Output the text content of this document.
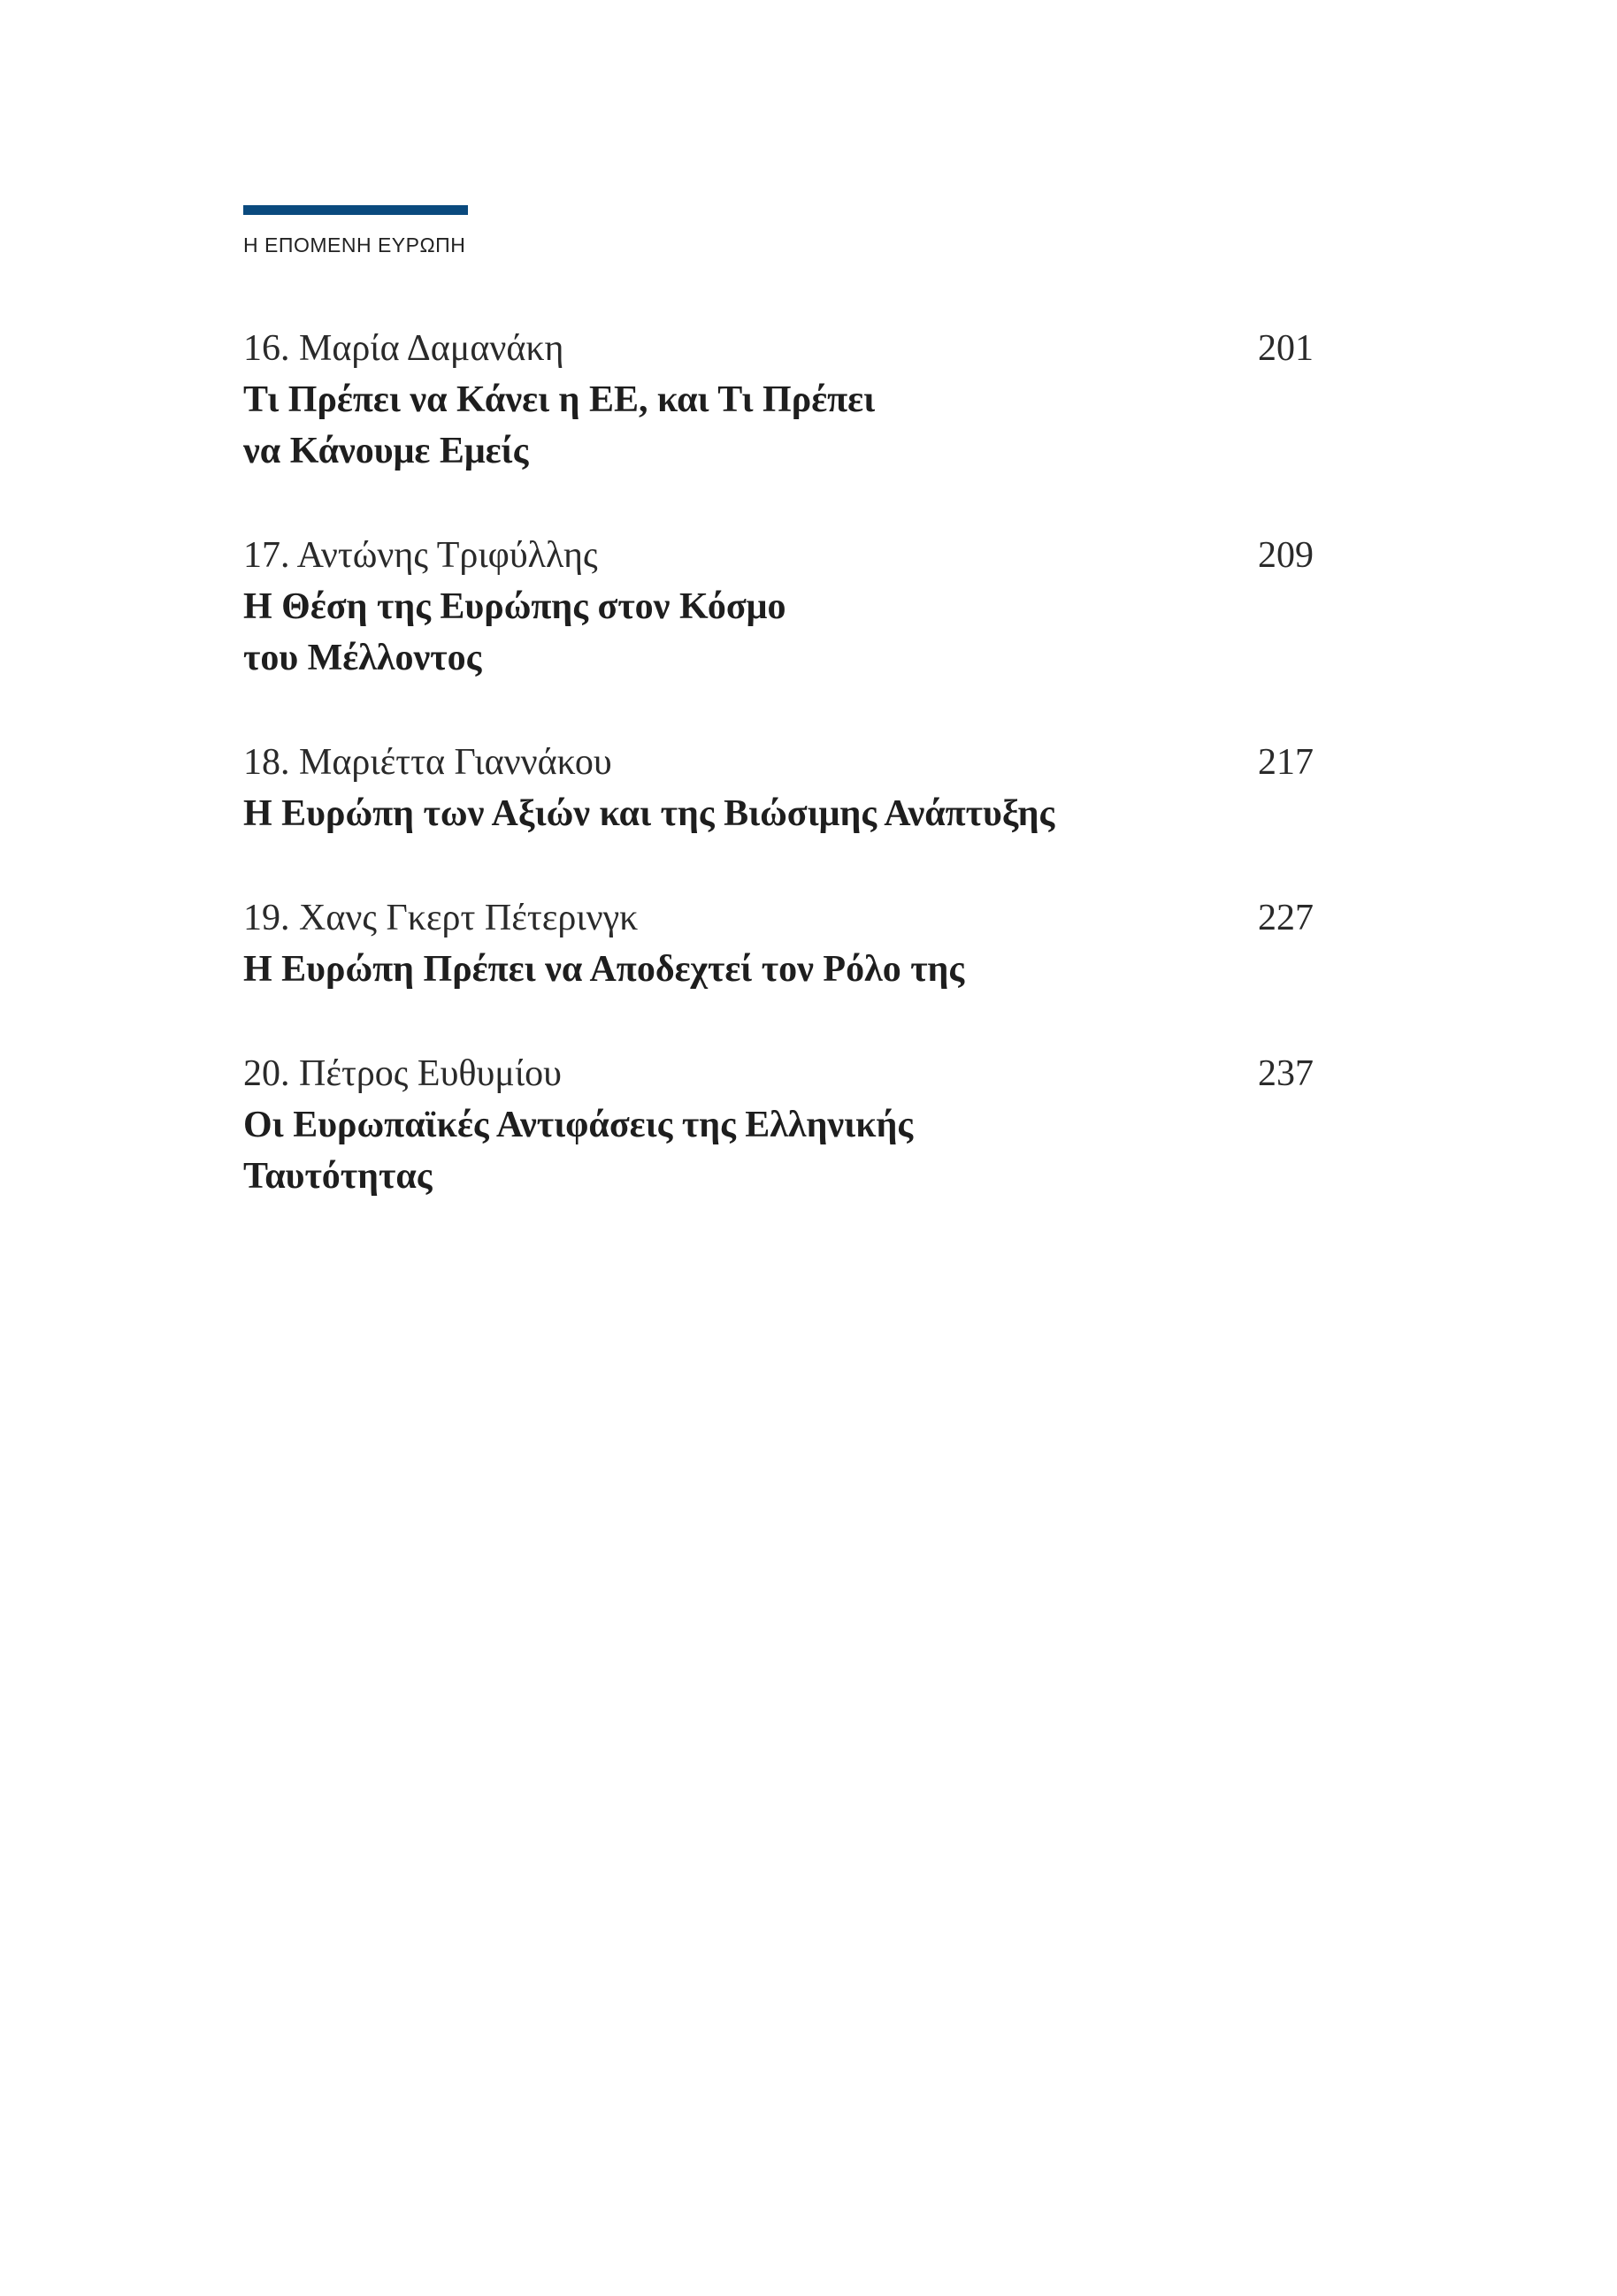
Η ΕΠΟΜΕΝΗ ΕΥΡΩΠΗ
16. Μαρία Δαμανάκη	201
Τι Πρέπει να Κάνει η ΕΕ, και Τι Πρέπει
να Κάνουμε Εμείς
17. Αντώνης Τριφύλλης	209
Η Θέση της Ευρώπης στον Κόσμο
του Μέλλοντος
18. Μαριέττα Γιαννάκου	217
Η Ευρώπη των Αξιών και της Βιώσιμης Ανάπτυξης
19. Χανς Γκερτ Πέτερινγκ	227
Η Ευρώπη Πρέπει να Αποδεχτεί τον Ρόλο της
20. Πέτρος Ευθυμίου	237
Οι Ευρωπαϊκές Αντιφάσεις της Ελληνικής
Ταυτότητας
